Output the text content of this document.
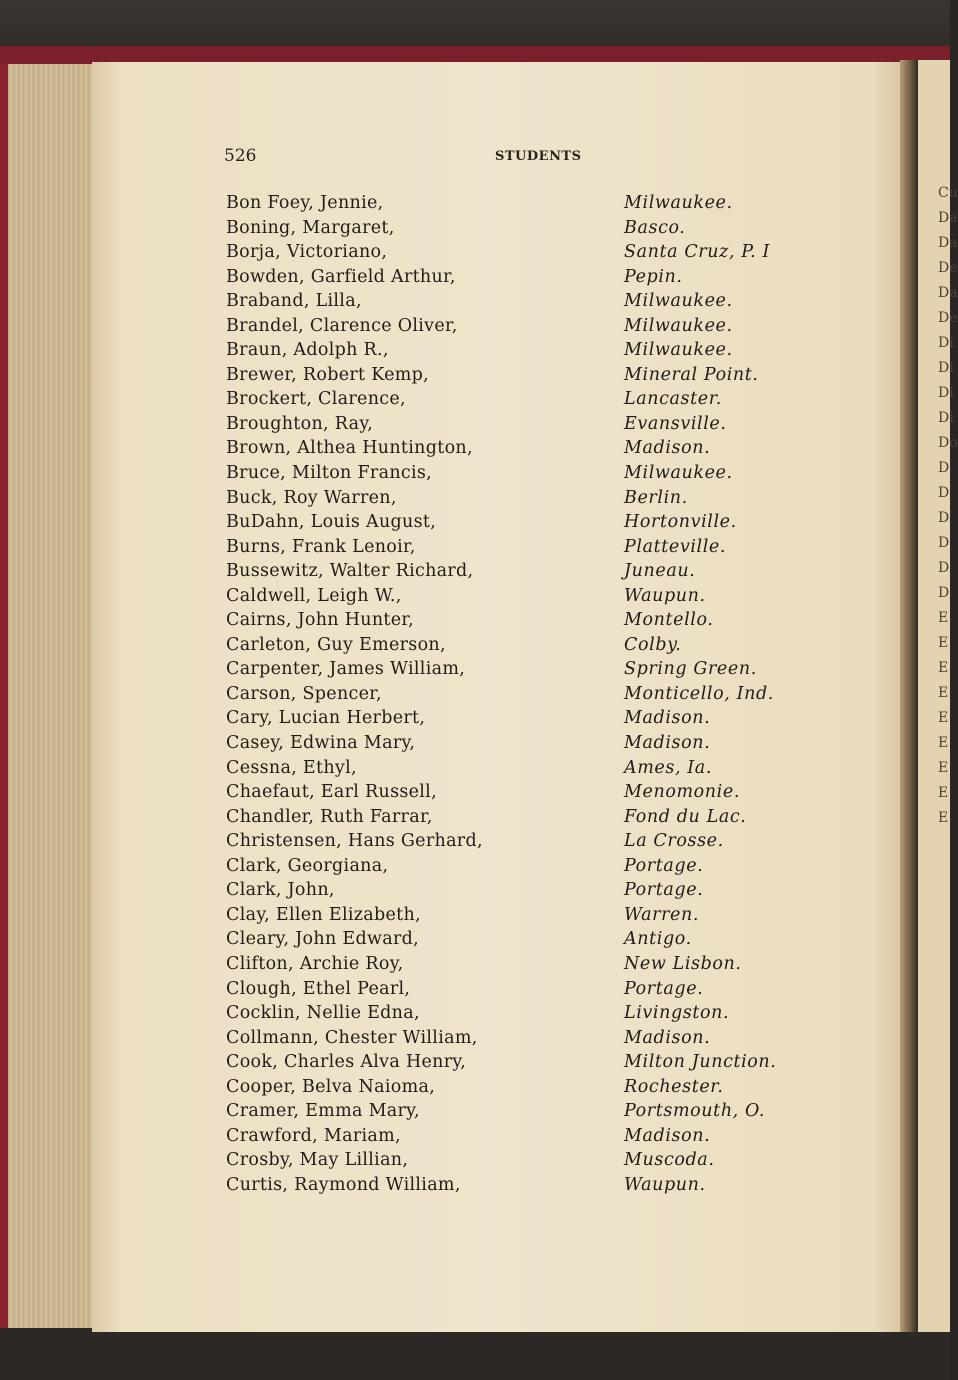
Cu
Da
Da
De
Da
De
Di
Di
Di
Di
Do
D
D
D
D
D
D
E
E
E
E
E
E
E
E
E
526	STUDENTS
Bon Foey, Jennie,	Milwaukee.
Boning, Margaret,	Basco.
Borja, Victoriano,	Santa Cruz, P. I
Bowden, Garfield Arthur,	Pepin.
Braband, Lilla,	Milwaukee.
Brandel, Clarence Oliver,	Milwaukee.
Braun, Adolph R.,	Milwaukee.
Brewer, Robert Kemp,	Mineral Point.
Brockert, Clarence,	Lancaster.
Broughton, Ray,	Evansville.
Brown, Althea Huntington,	Madison.
Bruce, Milton Francis,	Milwaukee.
Buck, Roy Warren,	Berlin.
BuDahn, Louis August,	Hortonville.
Burns, Frank Lenoir,	Platteville.
Bussewitz, Walter Richard,	Juneau.
Caldwell, Leigh W.,	Waupun.
Cairns, John Hunter,	Montello.
Carleton, Guy Emerson,	Colby.
Carpenter, James William,	Spring Green.
Carson, Spencer,	Monticello, Ind.
Cary, Lucian Herbert,	Madison.
Casey, Edwina Mary,	Madison.
Cessna, Ethyl,	Ames, Ia.
Chaefaut, Earl Russell,	Menomonie.
Chandler, Ruth Farrar,	Fond du Lac.
Christensen, Hans Gerhard,	La Crosse.
Clark, Georgiana,	Portage.
Clark, John,	Portage.
Clay, Ellen Elizabeth,	Warren.
Cleary, John Edward,	Antigo.
Clifton, Archie Roy,	New Lisbon.
Clough, Ethel Pearl,	Portage.
Cocklin, Nellie Edna,	Livingston.
Collmann, Chester William,	Madison.
Cook, Charles Alva Henry,	Milton Junction.
Cooper, Belva Naioma,	Rochester.
Cramer, Emma Mary,	Portsmouth, O.
Crawford, Mariam,	Madison.
Crosby, May Lillian,	Muscoda.
Curtis, Raymond William,	Waupun.
